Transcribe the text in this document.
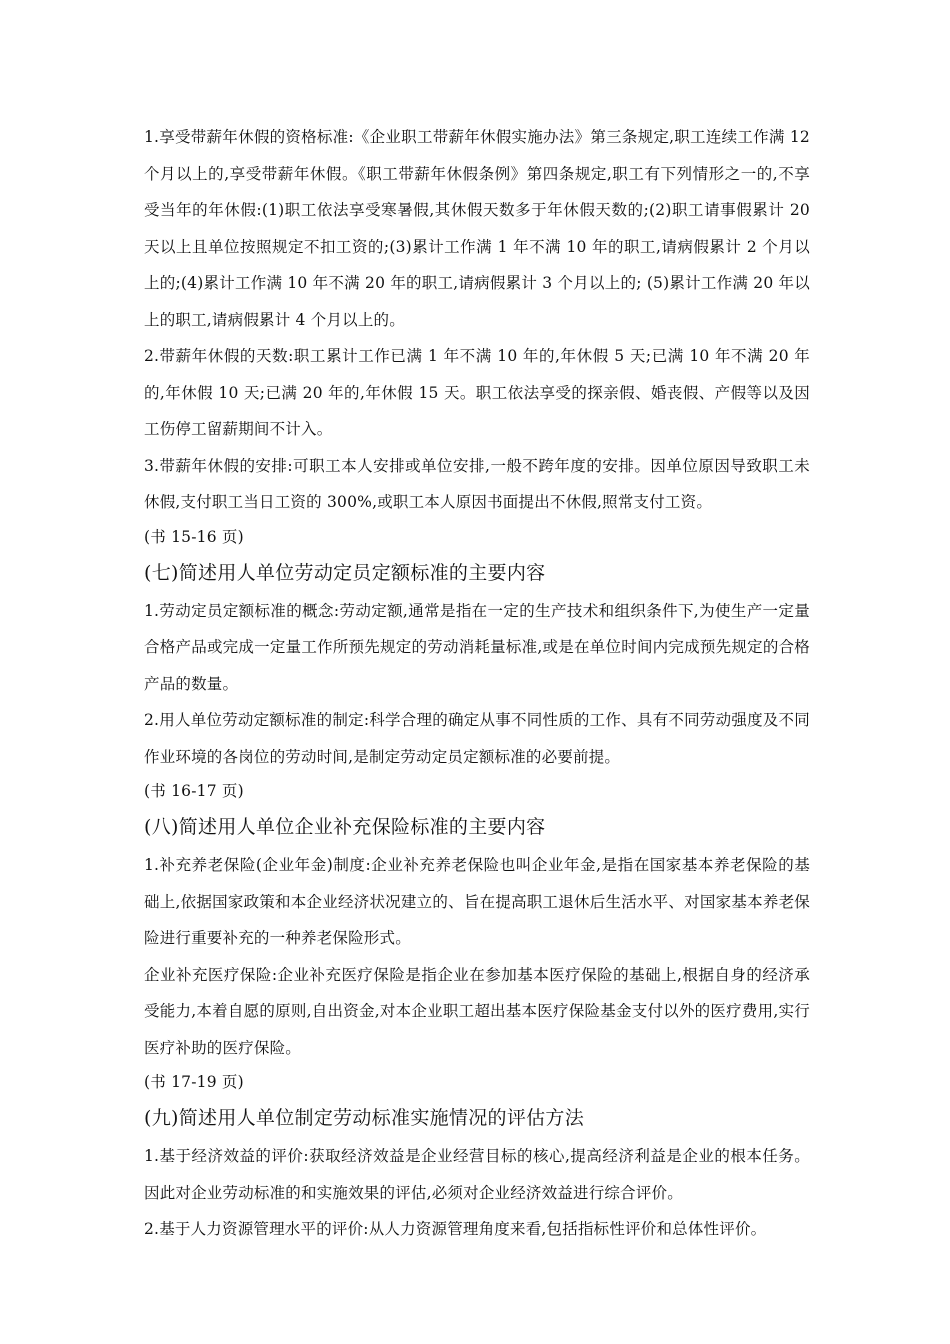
1.享受带薪年休假的资格标准:《企业职工带薪年休假实施办法》第三条规定,职工连续工作满 12 个月以上的,享受带薪年休假。《职工带薪年休假条例》第四条规定,职工有下列情形之一的,不享受当年的年休假:(1)职工依法享受寒暑假,其休假天数多于年休假天数的;(2)职工请事假累计 20 天以上且单位按照规定不扣工资的;(3)累计工作满 1 年不满 10 年的职工,请病假累计 2 个月以上的;(4)累计工作满 10 年不满 20 年的职工,请病假累计 3 个月以上的; (5)累计工作满 20 年以上的职工,请病假累计 4 个月以上的。

2.带薪年休假的天数:职工累计工作已满 1 年不满 10 年的,年休假 5 天;已满 10 年不满 20 年的,年休假 10 天;已满 20 年的,年休假 15 天。职工依法享受的探亲假、婚丧假、产假等以及因工伤停工留薪期间不计入。

3.带薪年休假的安排:可职工本人安排或单位安排,一般不跨年度的安排。因单位原因导致职工未休假,支付职工当日工资的 300%,或职工本人原因书面提出不休假,照常支付工资。

(书 15-16 页)

(七)简述用人单位劳动定员定额标准的主要内容

1.劳动定员定额标准的概念:劳动定额,通常是指在一定的生产技术和组织条件下,为使生产一定量合格产品或完成一定量工作所预先规定的劳动消耗量标准,或是在单位时间内完成预先规定的合格产品的数量。

2.用人单位劳动定额标准的制定:科学合理的确定从事不同性质的工作、具有不同劳动强度及不同作业环境的各岗位的劳动时间,是制定劳动定员定额标准的必要前提。

(书 16-17 页)

(八)简述用人单位企业补充保险标准的主要内容

1.补充养老保险(企业年金)制度:企业补充养老保险也叫企业年金,是指在国家基本养老保险的基础上,依据国家政策和本企业经济状况建立的、旨在提高职工退休后生活水平、对国家基本养老保险进行重要补充的一种养老保险形式。

企业补充医疗保险:企业补充医疗保险是指企业在参加基本医疗保险的基础上,根据自身的经济承受能力,本着自愿的原则,自出资金,对本企业职工超出基本医疗保险基金支付以外的医疗费用,实行医疗补助的医疗保险。

(书 17-19 页)

(九)简述用人单位制定劳动标准实施情况的评估方法

1.基于经济效益的评价:获取经济效益是企业经营目标的核心,提高经济利益是企业的根本任务。因此对企业劳动标准的和实施效果的评估,必须对企业经济效益进行综合评价。

2.基于人力资源管理水平的评价:从人力资源管理角度来看,包括指标性评价和总体性评价。
